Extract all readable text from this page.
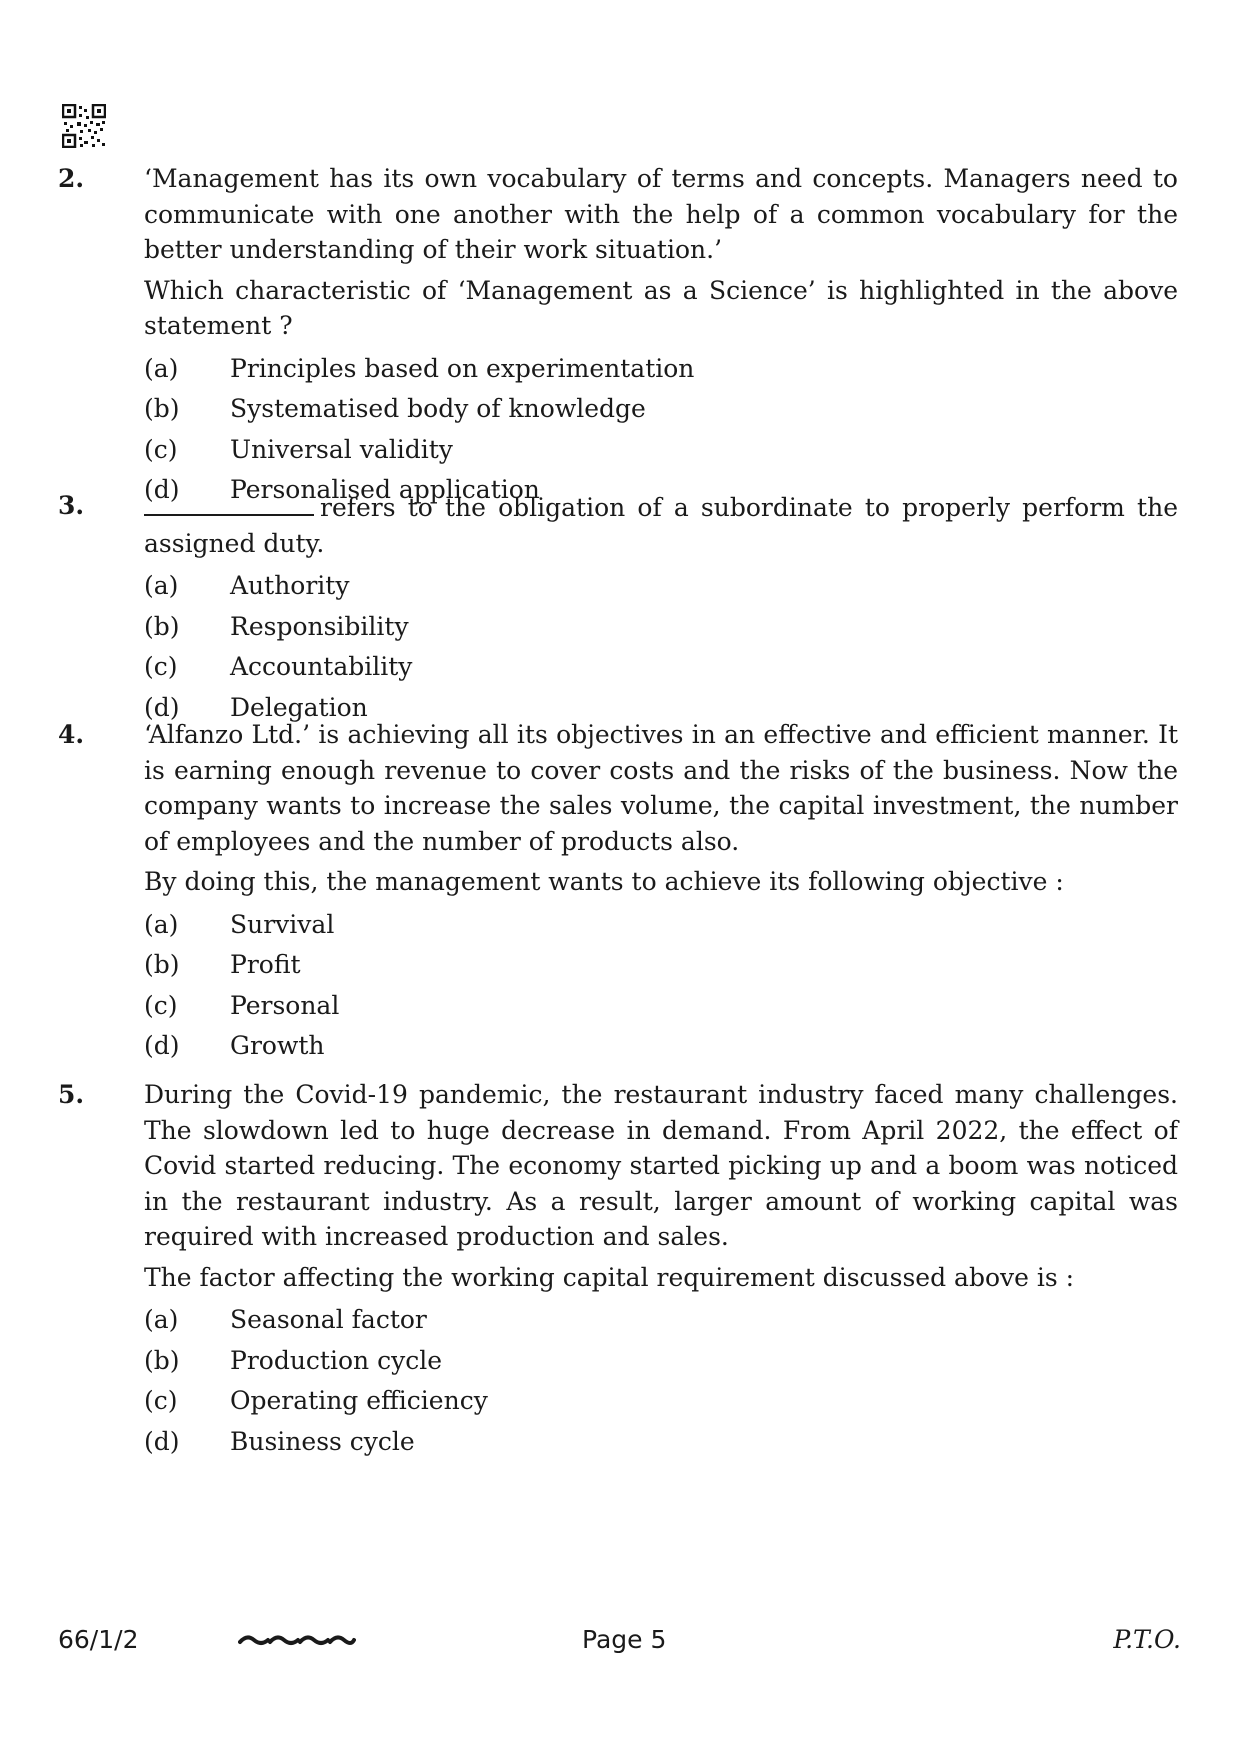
2. ‘Management has its own vocabulary of terms and concepts. Managers need to communicate with one another with the help of a common vocabulary for the better understanding of their work situation.’

Which characteristic of ‘Management as a Science’ is highlighted in the above statement ?

(a)	Principles based on experimentation
(b)	Systematised body of knowledge
(c)	Universal validity
(d)	Personalised application
3.	refers to the obligation of a subordinate to properly perform the assigned duty.

(a)	Authority
(b)	Responsibility
(c)	Accountability
(d)	Delegation
4. ‘Alfanzo Ltd.’ is achieving all its objectives in an effective and efficient manner. It is earning enough revenue to cover costs and the risks of the business. Now the company wants to increase the sales volume, the capital investment, the number of employees and the number of products also.

By doing this, the management wants to achieve its following objective :

(a)	Survival
(b)	Profit
(c)	Personal
(d)	Growth
5. During the Covid-19 pandemic, the restaurant industry faced many challenges. The slowdown led to huge decrease in demand. From April 2022, the effect of Covid started reducing. The economy started picking up and a boom was noticed in the restaurant industry. As a result, larger amount of working capital was required with increased production and sales.

The factor affecting the working capital requirement discussed above is :

(a)	Seasonal factor
(b)	Production cycle
(c)	Operating efficiency
(d)	Business cycle
66/1/2	Page 5	P.T.O.
